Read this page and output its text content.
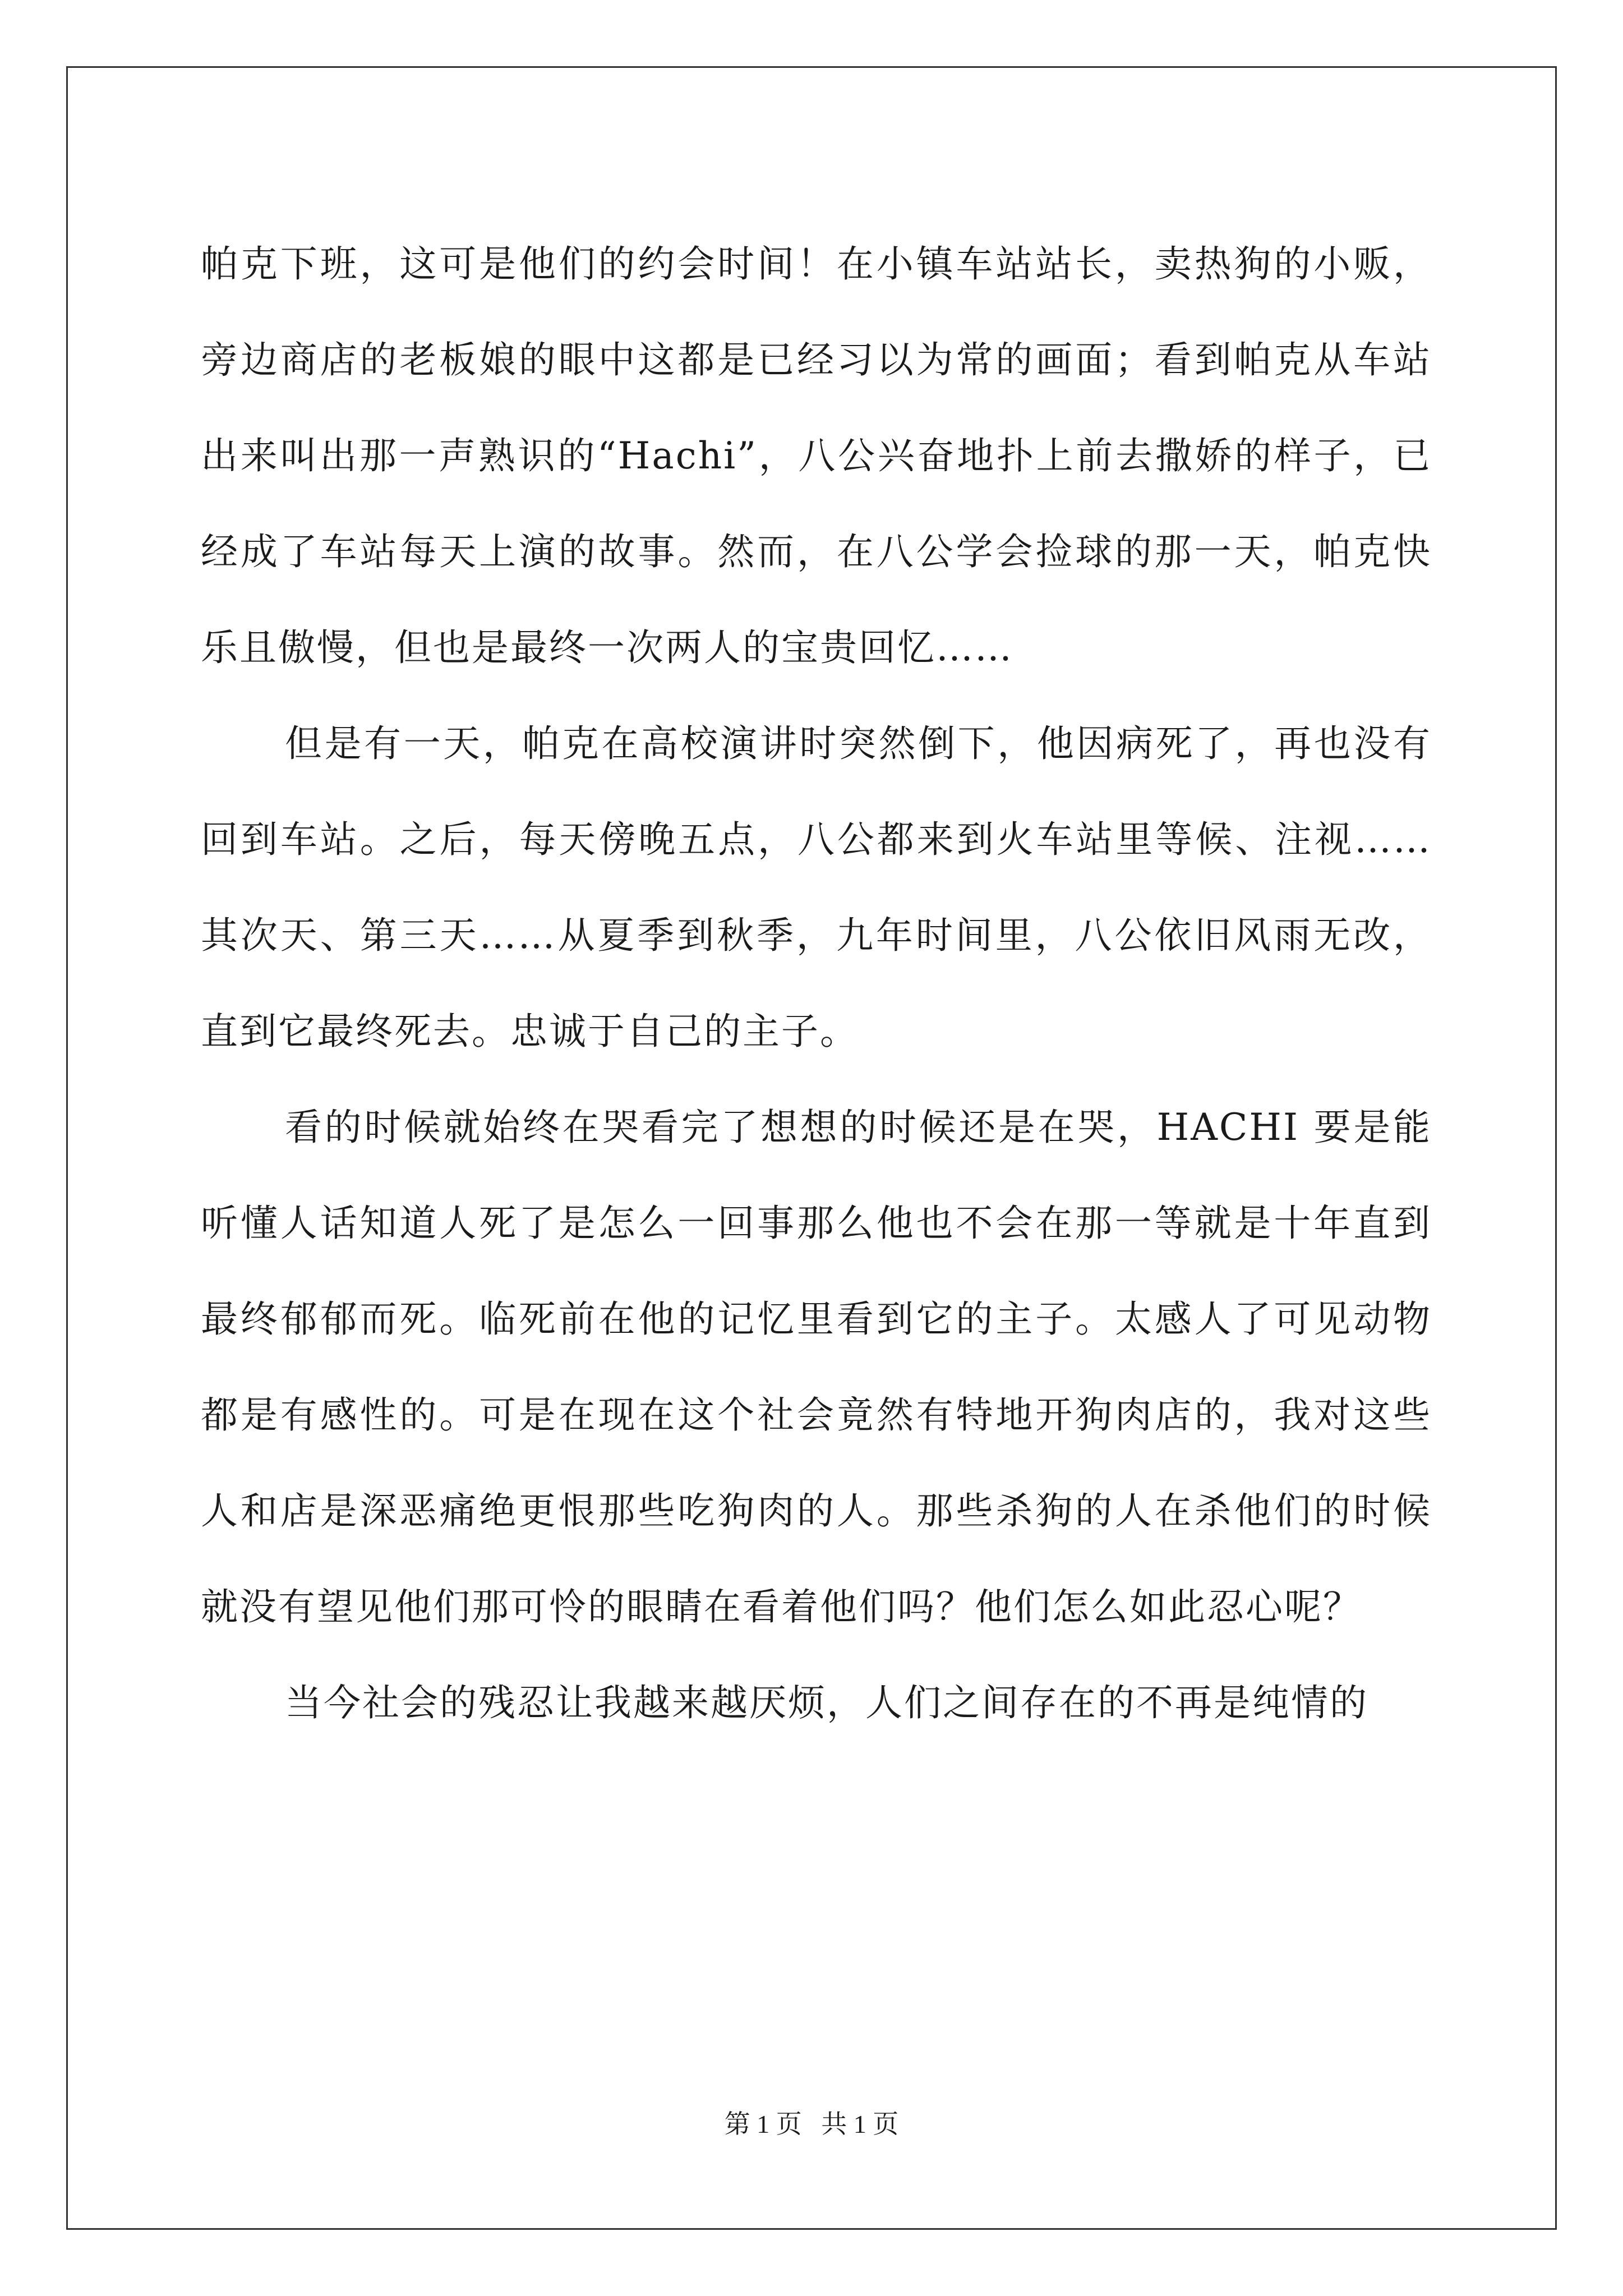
帕克下班，这可是他们的约会时间！在小镇车站站长，卖热狗的小贩，旁边商店的老板娘的眼中这都是已经习以为常的画面；看到帕克从车站出来叫出那一声熟识的“Hachi”，八公兴奋地扑上前去撒娇的样子，已经成了车站每天上演的故事。然而，在八公学会捡球的那一天，帕克快乐且傲慢，但也是最终一次两人的宝贵回忆……

但是有一天，帕克在高校演讲时突然倒下，他因病死了，再也没有回到车站。之后，每天傍晚五点，八公都来到火车站里等候、注视……其次天、第三天……从夏季到秋季，九年时间里，八公依旧风雨无改，直到它最终死去。忠诚于自己的主子。

看的时候就始终在哭看完了想想的时候还是在哭，HACHI 要是能听懂人话知道人死了是怎么一回事那么他也不会在那一等就是十年直到最终郁郁而死。临死前在他的记忆里看到它的主子。太感人了可见动物都是有感性的。可是在现在这个社会竟然有特地开狗肉店的，我对这些人和店是深恶痛绝更恨那些吃狗肉的人。那些杀狗的人在杀他们的时候就没有望见他们那可怜的眼睛在看着他们吗？他们怎么如此忍心呢？

当今社会的残忍让我越来越厌烦，人们之间存在的不再是纯情的

第 1 页 共 1 页
